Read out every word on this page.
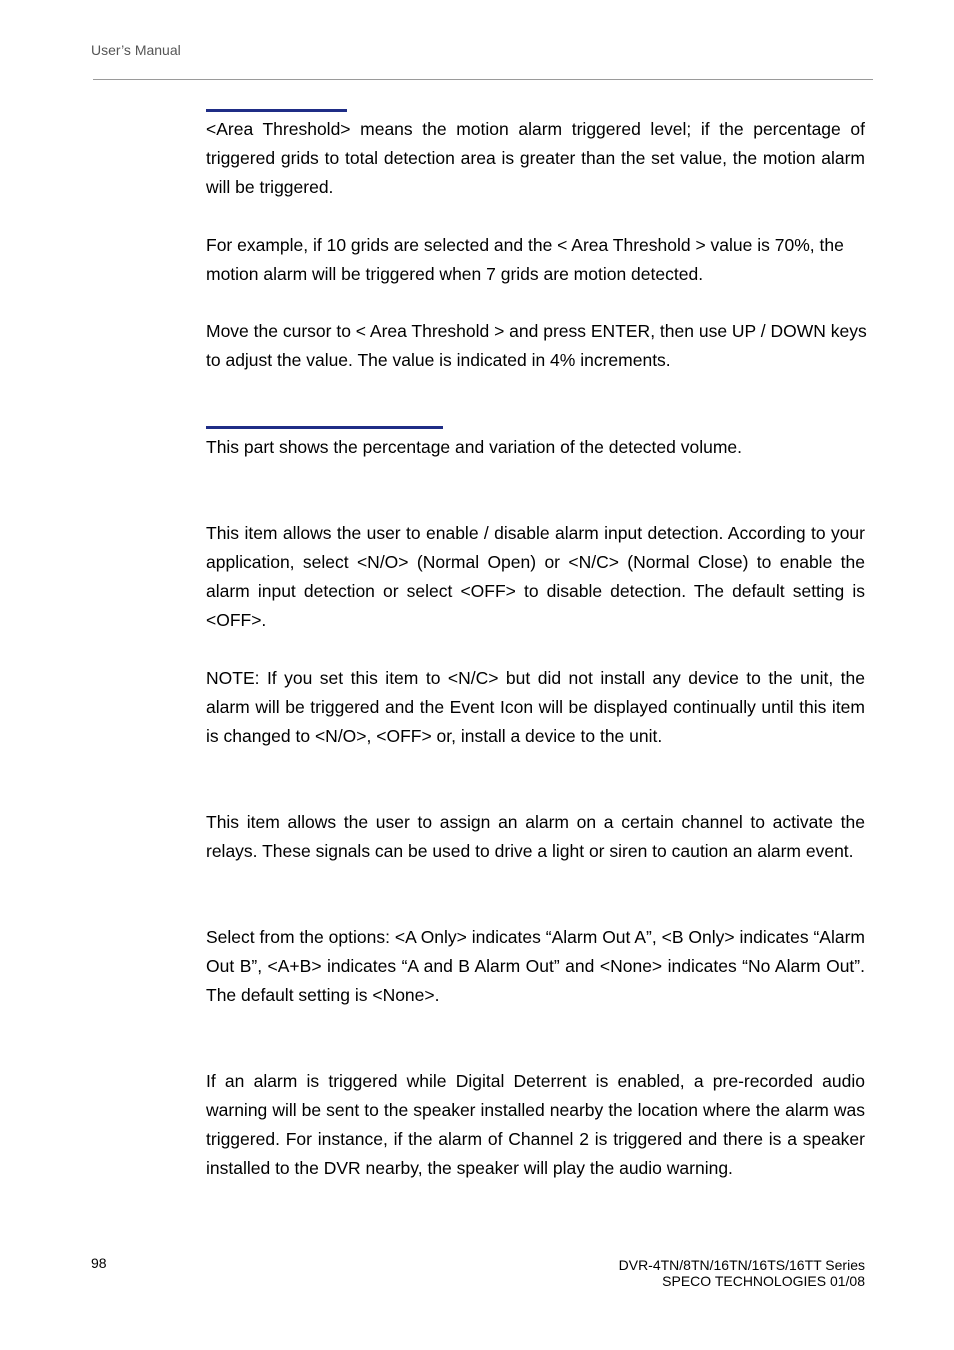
User’s Manual

<Area Threshold> means the motion alarm triggered level; if the percentage of triggered grids to total detection area is greater than the set value, the motion alarm will be triggered.

For example, if 10 grids are selected and the < Area Threshold > value is 70%, the motion alarm will be triggered when 7 grids are motion detected.

Move the cursor to < Area Threshold > and press ENTER, then use UP / DOWN keys to adjust the value. The value is indicated in 4% increments.

This part shows the percentage and variation of the detected volume.

This item allows the user to enable / disable alarm input detection. According to your application, select <N/O> (Normal Open) or <N/C> (Normal Close) to enable the alarm input detection or select <OFF> to disable detection. The default setting is <OFF>.

NOTE: If you set this item to <N/C> but did not install any device to the unit, the alarm will be triggered and the Event Icon will be displayed continually until this item is changed to <N/O>, <OFF> or, install a device to the unit.

This item allows the user to assign an alarm on a certain channel to activate the relays. These signals can be used to drive a light or siren to caution an alarm event.

Select from the options: <A Only> indicates “Alarm Out A”, <B Only> indicates “Alarm Out B”, <A+B> indicates “A and B Alarm Out” and <None> indicates “No Alarm Out”. The default setting is <None>.

If an alarm is triggered while Digital Deterrent is enabled, a pre-recorded audio warning will be sent to the speaker installed nearby the location where the alarm was triggered. For instance, if the alarm of Channel 2 is triggered and there is a speaker installed to the DVR nearby, the speaker will play the audio warning.

98	DVR-4TN/8TN/16TN/16TS/16TT Series
SPECO TECHNOLOGIES 01/08
